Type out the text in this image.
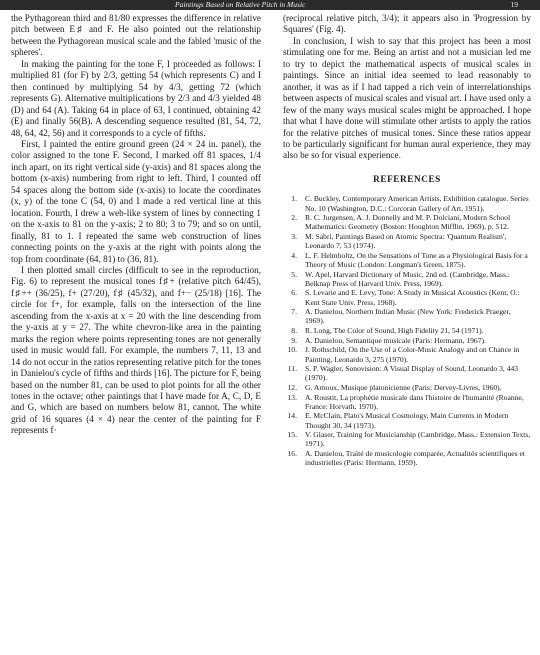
Paintings Based on Relative Pitch in Music	19

the Pythagorean third and 81/80 expresses the difference in relative pitch between E♯ and F. He also pointed out the relationship between the Pythagorean musical scale and the fabled 'music of the spheres'.

In making the painting for the tone F, I proceeded as follows: I multiplied 81 (for F) by 2/3, getting 54 (which represents C) and I then continued by multiplying 54 by 4/3, getting 72 (which represents G). Alternative multiplications by 2/3 and 4/3 yielded 48 (D) and 64 (A). Taking 64 in place of 63, I continued, obtaining 42 (E) and finally 56(B). A descending sequence resulted (81, 54, 72, 48, 64, 42, 56) and it corresponds to a cycle of fifths.

First, I painted the entire ground green (24 × 24 in. panel), the color assigned to the tone F. Second, I marked off 81 spaces, 1/4 inch apart, on its right vertical side (y-axis) and 81 spaces along the bottom (x-axis) numbering from right to left. Third, I counted off 54 spaces along the bottom side (x-axis) to locate the coordinates (x, y) of the tone C (54, 0) and I made a red vertical line at this location. Fourth, I drew a web-like system of lines by connecting 1 on the x-axis to 81 on the y-axis; 2 to 80; 3 to 79; and so on until, finally, 81 to 1. I repeated the same web construction of lines connecting points on the y-axis at the right with points along the top from coordinate (64, 81) to (36, 81).

I then plotted small circles (difficult to see in the reproduction, Fig. 6) to represent the musical tones f♯+ (relative pitch 64/45), f♯++ (36/25), f+ (27/20), f♯ (45/32), and f+− (25/18) [16]. The circle for f+, for example, falls on the intersection of the line ascending from the x-axis at x = 20 with the line descending from the y-axis at y = 27. The white chevron-like area in the painting marks the region where points representing tones are not generally used in music would fall. For example, the numbers 7, 11, 13 and 14 do not occur in the ratios representing relative pitch for the tones in Danielou's cycle of fifths and thirds [16]. The picture for F, being based on the number 81, can be used to plot points for all the other tones in the octave; other paintings that I have made for A, C, D, E and G, which are based on numbers below 81, cannot. The white grid of 16 squares (4 × 4) near the center of the painting for F represents f·

(reciprocal relative pitch, 3/4); it appears also in 'Progression by Squares' (Fig. 4).

In conclusion, I wish to say that this project has been a most stimulating one for me. Being an artist and not a musician led me to try to depict the mathematical aspects of musical scales in paintings. Since an initial idea seemed to lead reasonably to another, it was as if I had tapped a rich vein of interrelationships between aspects of musical scales and visual art. I have used only a few of the many ways musical scales might be approached. I hope that what I have done will stimulate other artists to apply the ratios for the relative pitches of musical tones. Since these ratios appear to be particularly significant for human aural experience, they may also be so for visual experience.

REFERENCES
1.	C. Buckley, Contemporary American Artists, Exhibition catalogue. Series No. 10 (Washington, D.C.: Corcoran Gallery of Art, 1951).
2.	R. C. Jurgensen, A. J. Donnelly and M. P. Dolciani, Modern School Mathematics: Geometry (Boston: Houghton Mifflin, 1969), p. 512.
3.	M. Sabri, Paintings Based on Atomic Spectra: 'Quantum Realism', Leonardo 7, 53 (1974).
4.	L. F. Helmholtz, On the Sensations of Tone as a Physiological Basis for a Theory of Music (London: Longman's Green, 1875).
5.	W. Apel, Harvard Dictionary of Music, 2nd ed. (Cambridge, Mass.: Belknap Press of Harvard Univ. Press, 1969).
6.	S. Levarie and E. Levy, Tone: A Study in Musical Acoustics (Kent, O.: Kent State Univ. Press, 1968).
7.	A. Danielou, Northern Indian Music (New York: Frederick Praeger, 1969).
8.	R. Long, The Color of Sound, High Fidelity 21, 54 (1971).
9.	A. Danielou, Semantique musicale (Paris: Hermann, 1967).
10.	J. Rothschild, On the Use of a Color-Music Analogy and on Chance in Painting, Leonardo 3, 275 (1970).
11.	S. P. Wagler, Sonovision: A Visual Display of Sound, Leonardo 3, 443 (1970).
12.	G. Arnoux, Musique platonicienne (Paris: Dervey-Livres, 1960).
13.	A. Roustit, La prophétie musicale dans l'histoire de l'humanité (Roanne, France: Horvath, 1970).
14.	E. McClain, Plato's Musical Cosmology, Main Currents in Modern Thought 30, 34 (1973).
15.	V. Glaser, Training for Musicianship (Cambridge, Mass.: Extension Texts, 1971).
16.	A. Danielou, Traité de musicologie comparée, Actualités scientifiques et industrielles (Paris: Hermann, 1959).
